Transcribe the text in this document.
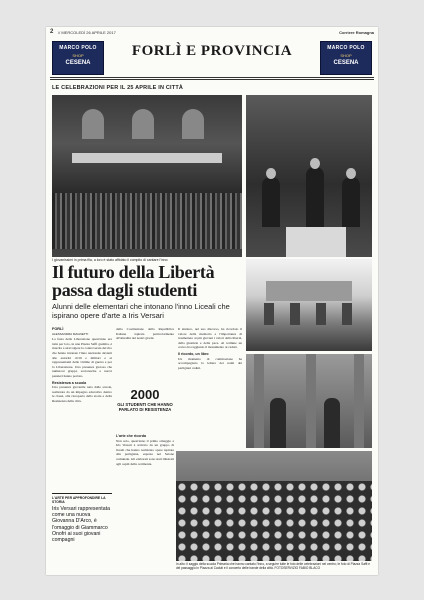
2 // MERCOLEDÌ 26 APRILE 2017	Corriere Romagna
MARCO POLO
SHOP
CESENA
FORLÌ E PROVINCIA	MARCO POLO
SHOP
CESENA
LE CELEBRAZIONI PER IL 25 APRILE IN CITTÀ
I giovanissimi in prima fila, a loro è stato affidato il compito di cantare l'inno
Il futuro della Libertà passa dagli studenti
Alunni delle elementari che intonano l'inno Liceali che ispirano opere d'arte a Iris Versari
FORLÌ
ALESSANDRA MAGNETTI
La festa della Liberazione quest'anno era tutta per loro, in una Piazza Saffi gremita, è riuscita a stravolgere la controversia del rito che hanno intonato l'inno nazionale davanti alle autorità civili e militari e ai rappresentanti delle vittime di guerra e per la Liberazione. Una presenza gioiosa che numerosi gruppi, scolaresche e nuovi pensieri hanno portato.
Resistenza a scuola
Una presenza giovanile nata dalle scuole, realizzata da un impegno educativo dentro le classi, alla riscoperta della storia e della Resistenza della città.
della Costituzione della Repubblica Italiana ispirata particolarmente all'attualità dei nostri giorni.
2000
GLI STUDENTI CHE HANNO PARLATO DI RESISTENZA
L'arte che ricorda
Non solo, quest'anno il primo omaggio a Iris Versari è arrivato da un gruppo di liceali che hanno realizzato opere ispirate alla partigiana, esposte nel Salone comunale. Gli elaborati sono stati illustrati agli ospiti della cerimonia.
Il sindaco, nel suo discorso, ha ricordato il valore della memoria e l'importanza di trasmettere ai più giovani i valori della libertà, della giustizia e della pace. Al termine un corteo ha raggiunto il monumento ai caduti.
Il ricordo, un libro
Un momento di commozione ha accompagnato la lettura dei nomi dei partigiani caduti.
L'ARTE PER APPROFONDIRE LA STORIA
Iris Versari rappresentata come una nuova Giovanna D'Arco, è l'omaggio di Giammarco Onofri ai suoi giovani compagni
In alto: il saggio della scuola Primaria che hanno cantato l'inno, a seguire tutte le foto delle celebrazioni nel centro; le foto di Piazza Saffi e del passaggio in Piazza ai Caduti e il concerto delle bande della città. FOTOSERVIZIO FABIO BLACO
